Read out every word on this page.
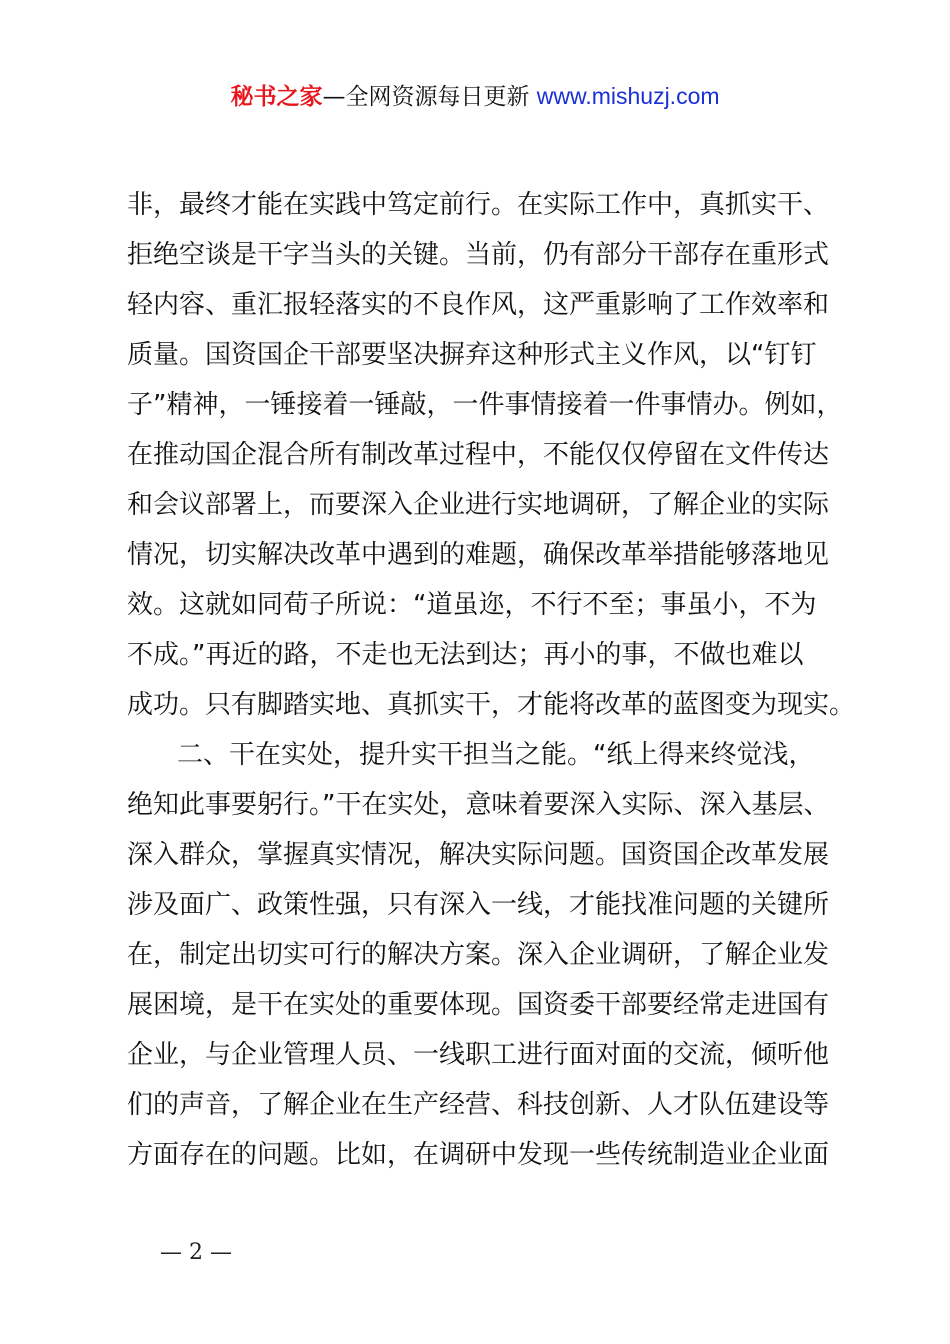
秘书之家—全网资源每日更新 www.mishuzj.com
非，最终才能在实践中笃定前行。在实际工作中，真抓实干、
拒绝空谈是干字当头的关键。当前，仍有部分干部存在重形式
轻内容、重汇报轻落实的不良作风，这严重影响了工作效率和
质量。国资国企干部要坚决摒弃这种形式主义作风，以“钉钉
子”精神，一锤接着一锤敲，一件事情接着一件事情办。例如，
在推动国企混合所有制改革过程中，不能仅仅停留在文件传达
和会议部署上，而要深入企业进行实地调研，了解企业的实际
情况，切实解决改革中遇到的难题，确保改革举措能够落地见
效。这就如同荀子所说：“道虽迩，不行不至；事虽小，不为
不成。”再近的路，不走也无法到达；再小的事，不做也难以
成功。只有脚踏实地、真抓实干，才能将改革的蓝图变为现实。
二、干在实处，提升实干担当之能。“纸上得来终觉浅，
绝知此事要躬行。”干在实处，意味着要深入实际、深入基层、
深入群众，掌握真实情况，解决实际问题。国资国企改革发展
涉及面广、政策性强，只有深入一线，才能找准问题的关键所
在，制定出切实可行的解决方案。深入企业调研，了解企业发
展困境，是干在实处的重要体现。国资委干部要经常走进国有
企业，与企业管理人员、一线职工进行面对面的交流，倾听他
们的声音，了解企业在生产经营、科技创新、人才队伍建设等
方面存在的问题。比如，在调研中发现一些传统制造业企业面
— 2 —
